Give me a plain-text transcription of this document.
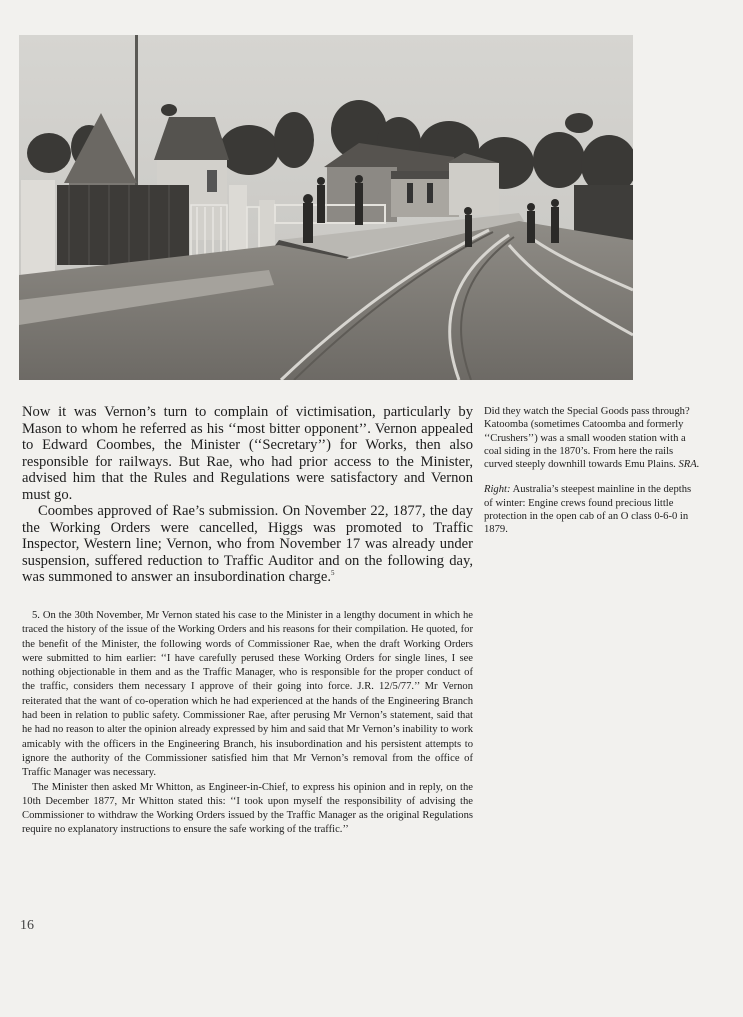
Now it was Vernon’s turn to complain of victimisation, particularly by Mason to whom he referred as his ‘‘most bitter opponent’’. Vernon appealed to Edward Coombes, the Minister (‘‘Secretary’’) for Works, then also responsible for railways. But Rae, who had prior access to the Minister, advised him that the Rules and Regulations were satisfactory and Vernon must go.

Coombes approved of Rae’s submission. On November 22, 1877, the day the Working Orders were cancelled, Higgs was promoted to Traffic Inspector, Western line; Vernon, who from November 17 was already under suspension, suffered reduction to Traffic Auditor and on the following day, was summoned to answer an insubordination charge.$^5$

Did they watch the Special Goods pass through? Katoomba (sometimes Catoomba and formerly ‘‘Crushers’’) was a small wooden station with a coal siding in the 1870’s. From here the rails curved steeply downhill towards Emu Plains. SRA.

Right: Australia’s steepest mainline in the depths of winter: Engine crews found precious little protection in the open cab of an O class 0-6-0 in 1879.

5. On the 30th November, Mr Vernon stated his case to the Minister in a lengthy document in which he traced the history of the issue of the Working Orders and his reasons for their compilation. He quoted, for the benefit of the Minister, the following words of Commissioner Rae, when the draft Working Orders were submitted to him earlier: ‘‘I have carefully perused these Working Orders for single lines, I see nothing objectionable in them and as the Traffic Manager, who is responsible for the proper conduct of the traffic, considers them necessary I approve of their going into force. J.R. 12/5/77.’’ Mr Vernon reiterated that the want of co-operation which he had experienced at the hands of the Engineering Branch had been in relation to public safety. Commissioner Rae, after perusing Mr Vernon’s statement, said that he had no reason to alter the opinion already expressed by him and said that Mr Vernon’s inability to work amicably with the officers in the Engineering Branch, his insubordination and his persistent attempts to ignore the authority of the Commissioner satisfied him that Mr Vernon’s removal from the office of Traffic Manager was necessary.

The Minister then asked Mr Whitton, as Engineer-in-Chief, to express his opinion and in reply, on the 10th December 1877, Mr Whitton stated this: ‘‘I took upon myself the responsibility of advising the Commissioner to withdraw the Working Orders issued by the Traffic Manager as the original Regulations require no explanatory instructions to ensure the safe working of the traffic.’’

16
